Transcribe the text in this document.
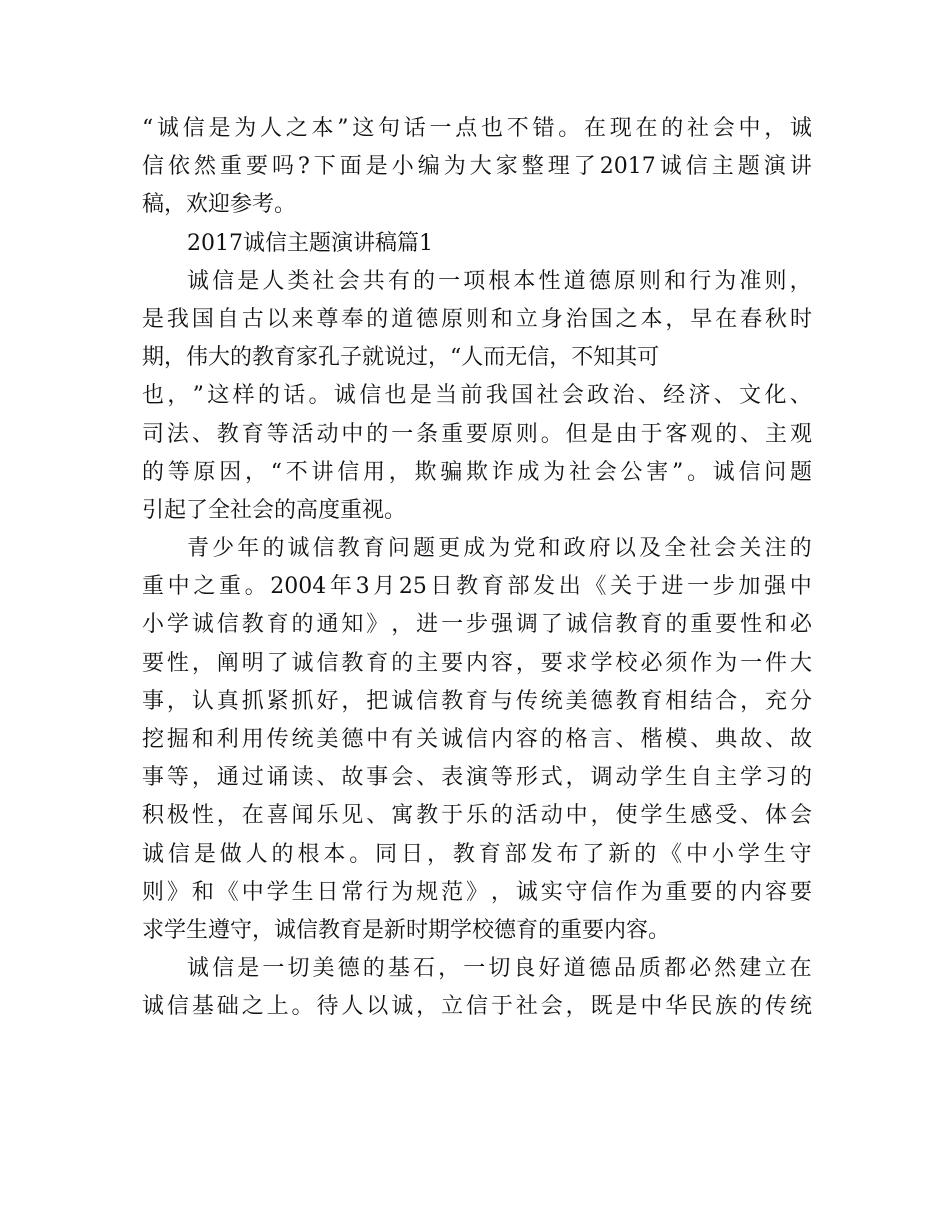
“ 诚 信 是 为 人 之 本 ” 这 句 话 一 点 也 不 错 。 在 现 在 的 社 会 中 ， 诚
信 依 然 重 要 吗 ? 下 面 是 小 编 为 大 家 整 理 了 2017 诚 信 主 题 演 讲
稿，欢迎参考。
2017诚信主题演讲稿篇1
诚 信 是 人 类 社 会 共 有 的 一 项 根 本 性 道 德 原 则 和 行 为 准 则 ，
是 我 国 自 古 以 来 尊 奉 的 道 德 原 则 和 立 身 治 国 之 本 ， 早 在 春 秋 时
期，伟大的教育家孔子就说过，“人而无信，不知其可
也 ， ” 这 样 的 话 。 诚 信 也 是 当 前 我 国 社 会 政 治 、 经 济 、 文 化 、
司 法 、 教 育 等 活 动 中 的 一 条 重 要 原 则 。 但 是 由 于 客 观 的 、 主 观
的 等 原 因 ， “ 不 讲 信 用 ， 欺 骗 欺 诈 成 为 社 会 公 害 ” 。 诚 信 问 题
引起了全社会的高度重视。
青 少 年 的 诚 信 教 育 问 题 更 成 为 党 和 政 府 以 及 全 社 会 关 注 的
重 中 之 重 。 2004 年 3 月 25 日 教 育 部 发 出 《 关 于 进 一 步 加 强 中
小 学 诚 信 教 育 的 通 知 》 ， 进 一 步 强 调 了 诚 信 教 育 的 重 要 性 和 必
要 性 ， 阐 明 了 诚 信 教 育 的 主 要 内 容 ， 要 求 学 校 必 须 作 为 一 件 大
事 ， 认 真 抓 紧 抓 好 ， 把 诚 信 教 育 与 传 统 美 德 教 育 相 结 合 ， 充 分
挖 掘 和 利 用 传 统 美 德 中 有 关 诚 信 内 容 的 格 言 、 楷 模 、 典 故 、 故
事 等 ， 通 过 诵 读 、 故 事 会 、 表 演 等 形 式 ， 调 动 学 生 自 主 学 习 的
积 极 性 ， 在 喜 闻 乐 见 、 寓 教 于 乐 的 活 动 中 ， 使 学 生 感 受 、 体 会
诚 信 是 做 人 的 根 本 。 同 日 ， 教 育 部 发 布 了 新 的 《 中 小 学 生 守
则 》 和 《 中 学 生 日 常 行 为 规 范 》 ， 诚 实 守 信 作 为 重 要 的 内 容 要
求学生遵守，诚信教育是新时期学校德育的重要内容。
诚 信 是 一 切 美 德 的 基 石 ， 一 切 良 好 道 德 品 质 都 必 然 建 立 在
诚 信 基 础 之 上 。 待 人 以 诚 ， 立 信 于 社 会 ， 既 是 中 华 民 族 的 传 统
